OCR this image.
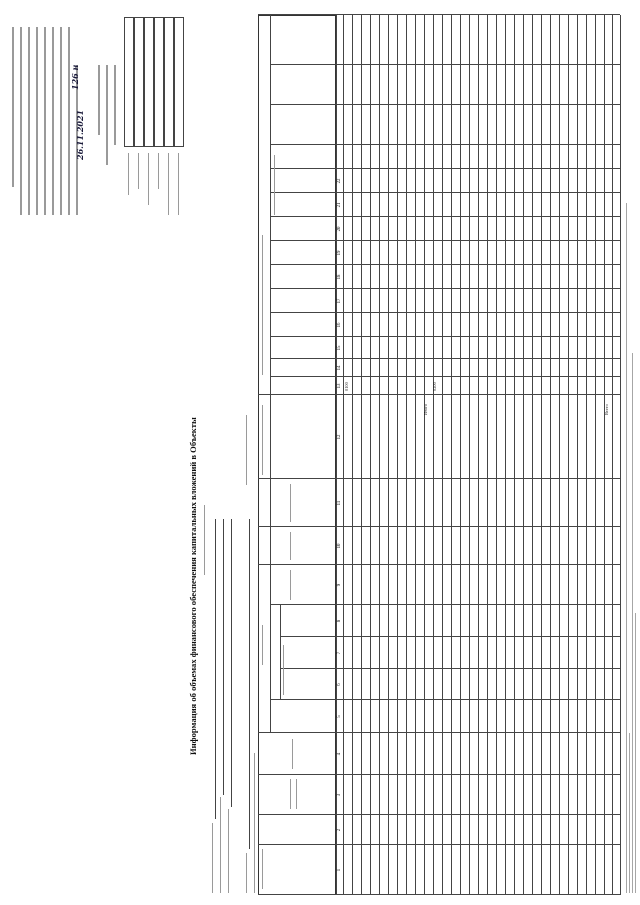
126 н
26.11.2021
Информация об объемах финансового обеспечения капитальных вложений в Объекты
1
2
3
4
5
6
7
8
9
10
11
12
13
14
15
16
17
18
19
20
21
22
0100
Итого
0200
Всего
